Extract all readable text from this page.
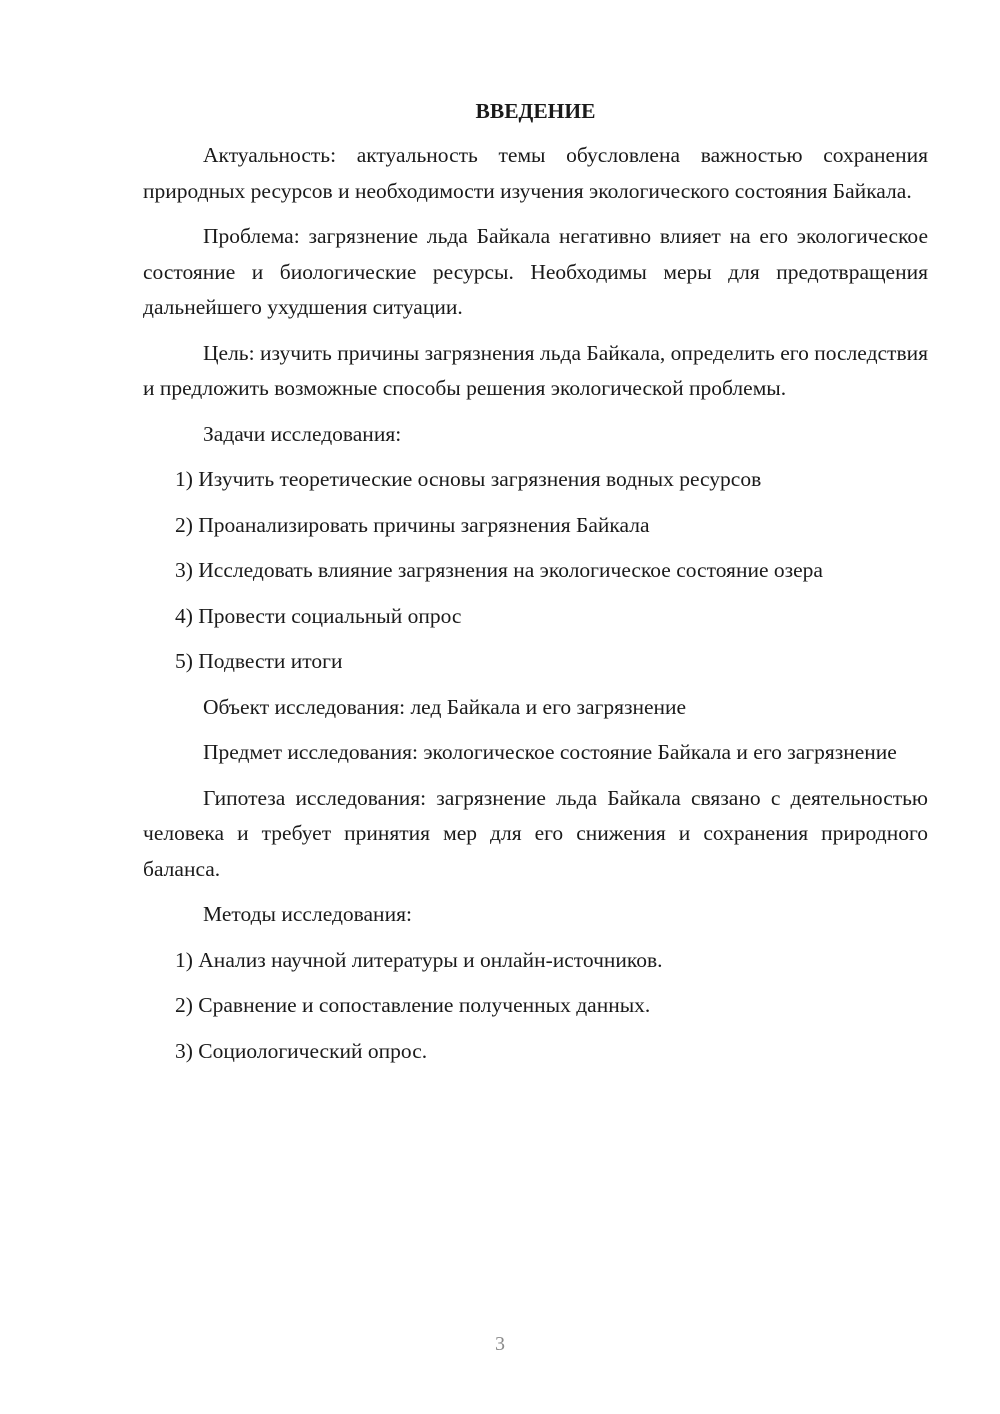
ВВЕДЕНИЕ

Актуальность: актуальность темы обусловлена важностью сохранения природных ресурсов и необходимости изучения экологического состояния Байкала.

Проблема: загрязнение льда Байкала негативно влияет на его экологическое состояние и биологические ресурсы. Необходимы меры для предотвращения дальнейшего ухудшения ситуации.

Цель: изучить причины загрязнения льда Байкала, определить его последствия и предложить возможные способы решения экологической проблемы.

Задачи исследования:

1) Изучить теоретические основы загрязнения водных ресурсов
2) Проанализировать причины загрязнения Байкала
3) Исследовать влияние загрязнения на экологическое состояние озера
4) Провести социальный опрос
5) Подвести итоги

Объект исследования: лед Байкала и его загрязнение

Предмет исследования: экологическое состояние Байкала и его загрязнение

Гипотеза исследования: загрязнение льда Байкала связано с деятельностью человека и требует принятия мер для его снижения и сохранения природного баланса.

Методы исследования:

1) Анализ научной литературы и онлайн-источников.
2) Сравнение и сопоставление полученных данных.
3) Социологический опрос.
3
